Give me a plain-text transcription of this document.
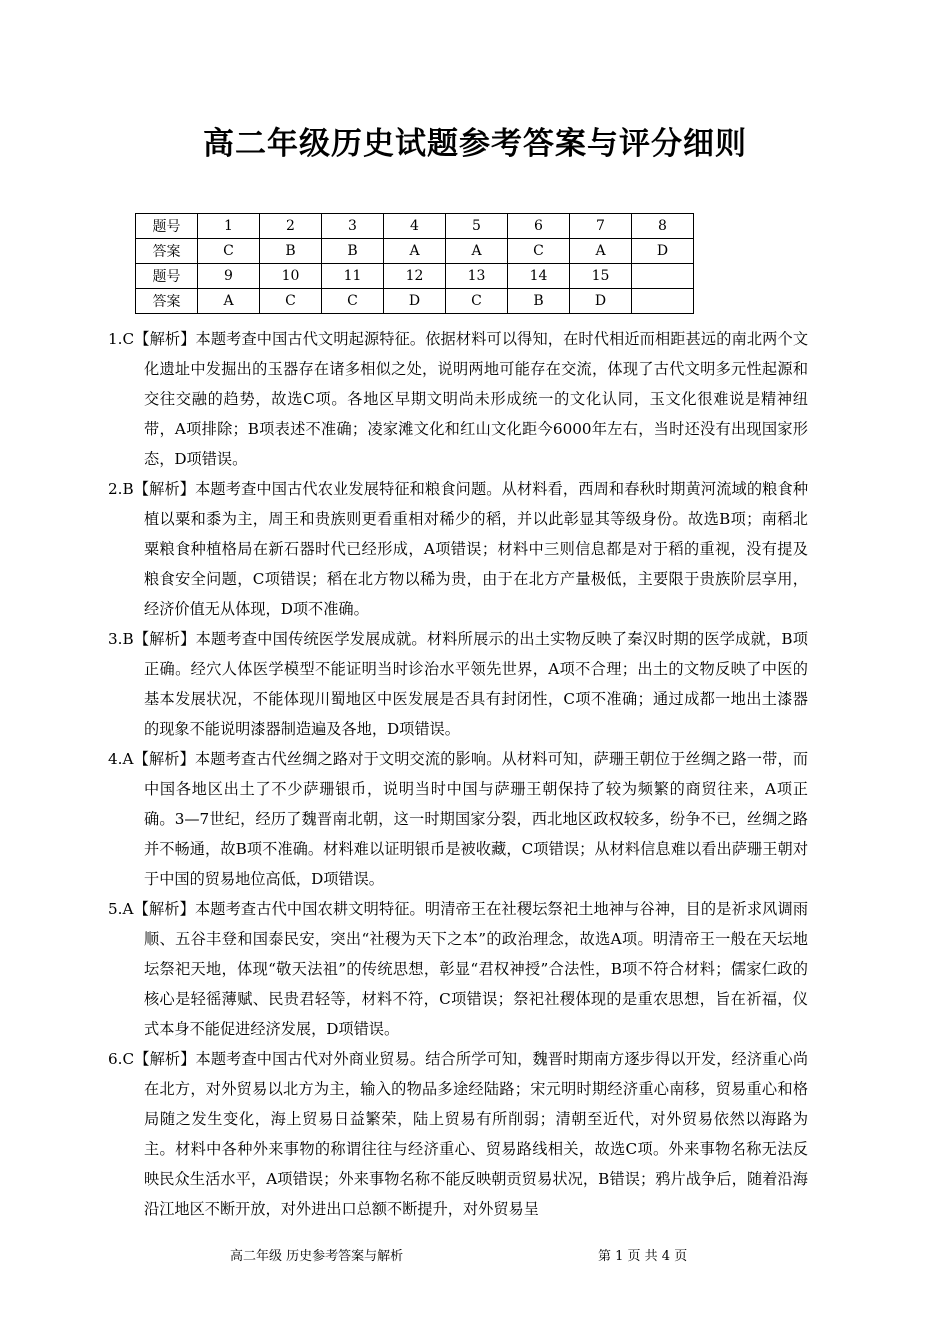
高二年级历史试题参考答案与评分细则
题号	1	2	3	4	5	6	7	8
答案	C	B	B	A	A	C	A	D
题号	9	10	11	12	13	14	15	
答案	A	C	C	D	C	B	D	
1.C【解析】本题考查中国古代文明起源特征。依据材料可以得知，在时代相近而相距甚远的南北两个文化遗址中发掘出的玉器存在诸多相似之处，说明两地可能存在交流，体现了古代文明多元性起源和交往交融的趋势，故选C项。各地区早期文明尚未形成统一的文化认同，玉文化很难说是精神纽带，A项排除；B项表述不准确；凌家滩文化和红山文化距今6000年左右，当时还没有出现国家形态，D项错误。
2.B【解析】本题考查中国古代农业发展特征和粮食问题。从材料看，西周和春秋时期黄河流域的粮食种植以粟和黍为主，周王和贵族则更看重相对稀少的稻，并以此彰显其等级身份。故选B项；南稻北粟粮食种植格局在新石器时代已经形成，A项错误；材料中三则信息都是对于稻的重视，没有提及粮食安全问题，C项错误；稻在北方物以稀为贵，由于在北方产量极低，主要限于贵族阶层享用，经济价值无从体现，D项不准确。
3.B【解析】本题考查中国传统医学发展成就。材料所展示的出土实物反映了秦汉时期的医学成就，B项正确。经穴人体医学模型不能证明当时诊治水平领先世界，A项不合理；出土的文物反映了中医的基本发展状况，不能体现川蜀地区中医发展是否具有封闭性，C项不准确；通过成都一地出土漆器的现象不能说明漆器制造遍及各地，D项错误。
4.A【解析】本题考查古代丝绸之路对于文明交流的影响。从材料可知，萨珊王朝位于丝绸之路一带，而中国各地区出土了不少萨珊银币，说明当时中国与萨珊王朝保持了较为频繁的商贸往来，A项正确。3—7世纪，经历了魏晋南北朝，这一时期国家分裂，西北地区政权较多，纷争不已，丝绸之路并不畅通，故B项不准确。材料难以证明银币是被收藏，C项错误；从材料信息难以看出萨珊王朝对于中国的贸易地位高低，D项错误。
5.A【解析】本题考查古代中国农耕文明特征。明清帝王在社稷坛祭祀土地神与谷神，目的是祈求风调雨顺、五谷丰登和国泰民安，突出“社稷为天下之本”的政治理念，故选A项。明清帝王一般在天坛地坛祭祀天地，体现“敬天法祖”的传统思想，彰显“君权神授”合法性，B项不符合材料；儒家仁政的核心是轻徭薄赋、民贵君轻等，材料不符，C项错误；祭祀社稷体现的是重农思想，旨在祈福，仪式本身不能促进经济发展，D项错误。
6.C【解析】本题考查中国古代对外商业贸易。结合所学可知，魏晋时期南方逐步得以开发，经济重心尚在北方，对外贸易以北方为主，输入的物品多途经陆路；宋元明时期经济重心南移，贸易重心和格局随之发生变化，海上贸易日益繁荣，陆上贸易有所削弱；清朝至近代，对外贸易依然以海路为主。材料中各种外来事物的称谓往往与经济重心、贸易路线相关，故选C项。外来事物名称无法反映民众生活水平，A项错误；外来事物名称不能反映朝贡贸易状况，B错误；鸦片战争后，随着沿海沿江地区不断开放，对外进出口总额不断提升，对外贸易呈
高二年级 历史参考答案与解析	第 1 页 共 4 页
